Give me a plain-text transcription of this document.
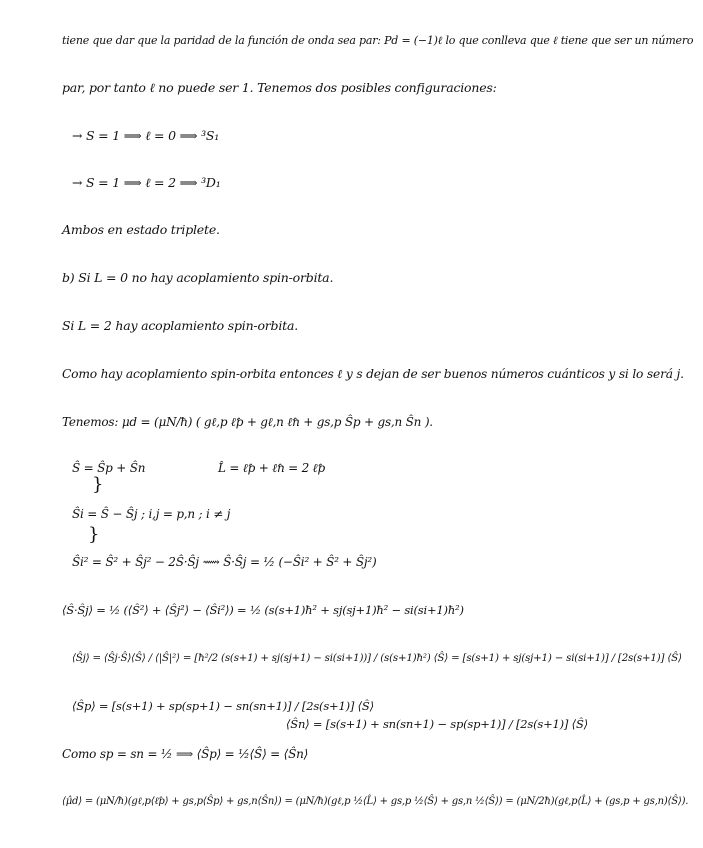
tiene que dar que la paridad de la función de onda sea par: Pd = (−1)ℓ lo que conlleva que ℓ tiene que ser un número
par, por tanto ℓ no puede ser 1. Tenemos dos posibles configuraciones:
→ S = 1 ⟹ ℓ = 0 ⟹ ³S₁
→ S = 1 ⟹ ℓ = 2 ⟹ ³D₁
Ambos en estado triplete.
b) Si L = 0 no hay acoplamiento spin-orbita.
Si L = 2 hay acoplamiento spin-orbita.
Como hay acoplamiento spin-orbita entonces ℓ y s dejan de ser buenos números cuánticos y si lo será j.
Tenemos: μd = (μN/ħ) ( gℓ,p ℓ̂p + gℓ,n ℓ̂n + gs,p Ŝp + gs,n Ŝn ).
Ŝ = Ŝp + Ŝn	L̂ = ℓ̂p + ℓ̂n = 2 ℓ̂p
}
Ŝi = Ŝ − Ŝj ; i,j = p,n ; i ≠ j
}
Ŝi² = Ŝ² + Ŝj² − 2Ŝ·Ŝj ⟿ Ŝ·Ŝj = ½ (−Ŝi² + Ŝ² + Ŝj²)
⟨Ŝ·Ŝj⟩ = ½ (⟨Ŝ²⟩ + ⟨Ŝj²⟩ − ⟨Ŝi²⟩) = ½ (s(s+1)ħ² + sj(sj+1)ħ² − si(si+1)ħ²)
⟨Ŝj⟩ = ⟨Ŝj·Ŝ⟩⟨Ŝ⟩ / ⟨|Ŝ|²⟩ = [ħ²/2 (s(s+1) + sj(sj+1) − si(si+1))] / (s(s+1)ħ²) ⟨Ŝ⟩ = [s(s+1) + sj(sj+1) − si(si+1)] / [2s(s+1)] ⟨Ŝ⟩
⟨Ŝp⟩ = [s(s+1) + sp(sp+1) − sn(sn+1)] / [2s(s+1)] ⟨Ŝ⟩
⟨Ŝn⟩ = [s(s+1) + sn(sn+1) − sp(sp+1)] / [2s(s+1)] ⟨Ŝ⟩
Como sp = sn = ½ ⟹ ⟨Ŝp⟩ = ½⟨Ŝ⟩ = ⟨Ŝn⟩
⟨μ̂d⟩ = (μN/ħ)(gℓ,p⟨ℓ̂p⟩ + gs,p⟨Ŝp⟩ + gs,n⟨Ŝn⟩) = (μN/ħ)(gℓ,p ½⟨L̂⟩ + gs,p ½⟨Ŝ⟩ + gs,n ½⟨Ŝ⟩) = (μN/2ħ)(gℓ,p⟨L̂⟩ + (gs,p + gs,n)⟨Ŝ⟩).
